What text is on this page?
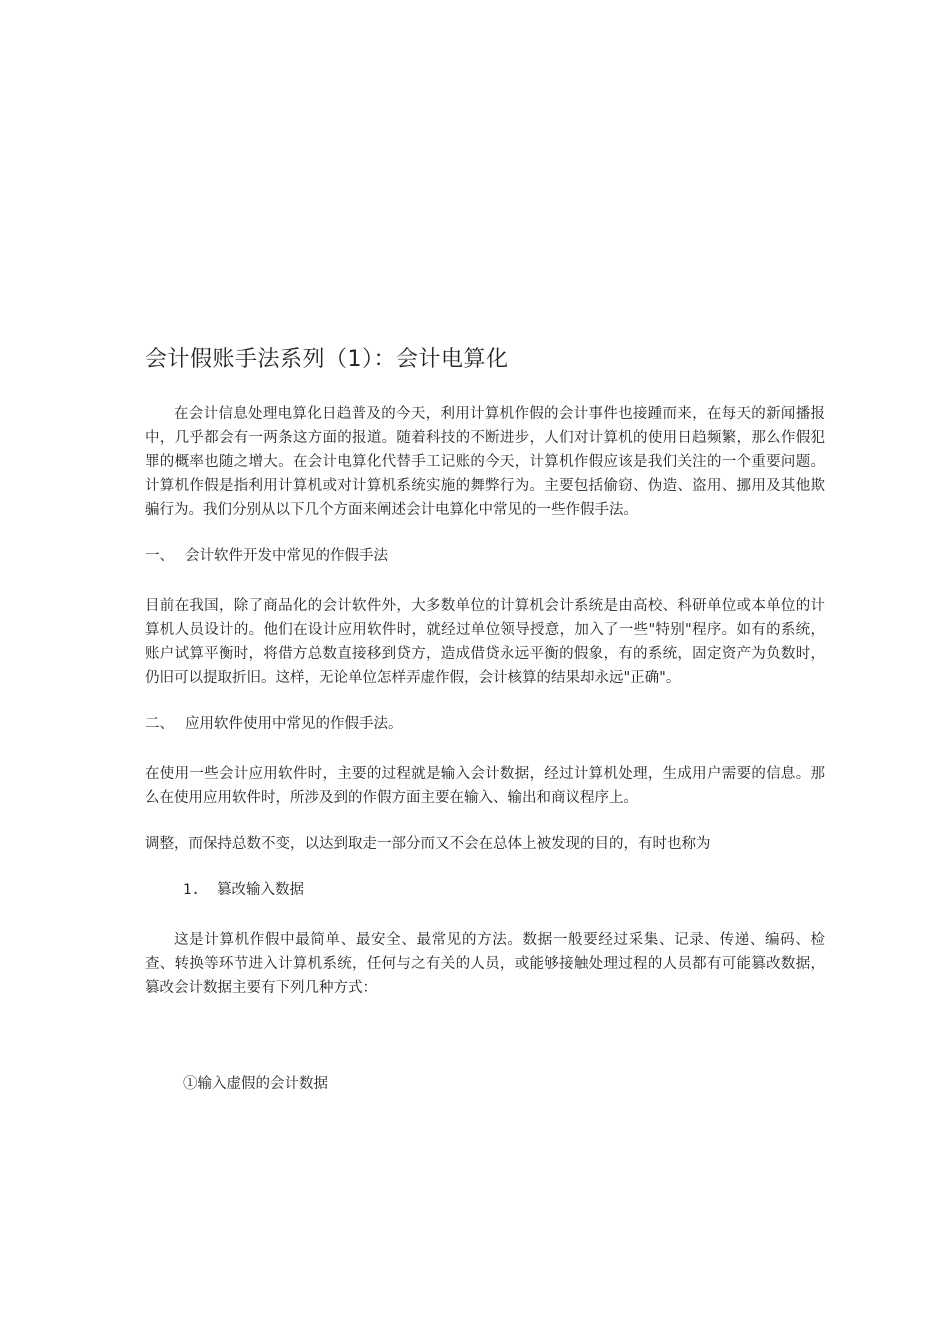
会计假账手法系列（1）：会计电算化

在会计信息处理电算化日趋普及的今天，利用计算机作假的会计事件也接踵而来，在每天的新闻播报中，几乎都会有一两条这方面的报道。随着科技的不断进步，人们对计算机的使用日趋频繁，那么作假犯罪的概率也随之增大。在会计电算化代替手工记账的今天，计算机作假应该是我们关注的一个重要问题。计算机作假是指利用计算机或对计算机系统实施的舞弊行为。主要包括偷窃、伪造、盗用、挪用及其他欺骗行为。我们分别从以下几个方面来阐述会计电算化中常见的一些作假手法。

一、 会计软件开发中常见的作假手法

目前在我国，除了商品化的会计软件外，大多数单位的计算机会计系统是由高校、科研单位或本单位的计算机人员设计的。他们在设计应用软件时，就经过单位领导授意，加入了一些"特别"程序。如有的系统，账户试算平衡时，将借方总数直接移到贷方，造成借贷永远平衡的假象，有的系统，固定资产为负数时，仍旧可以提取折旧。这样，无论单位怎样弄虚作假，会计核算的结果却永远"正确"。

二、 应用软件使用中常见的作假手法。

在使用一些会计应用软件时，主要的过程就是输入会计数据，经过计算机处理，生成用户需要的信息。那么在使用应用软件时，所涉及到的作假方面主要在输入、输出和商议程序上。

调整，而保持总数不变，以达到取走一部分而又不会在总体上被发现的目的，有时也称为

1. 篡改输入数据

这是计算机作假中最简单、最安全、最常见的方法。数据一般要经过采集、记录、传递、编码、检查、转换等环节进入计算机系统，任何与之有关的人员，或能够接触处理过程的人员都有可能篡改数据，篡改会计数据主要有下列几种方式：

①输入虚假的会计数据
